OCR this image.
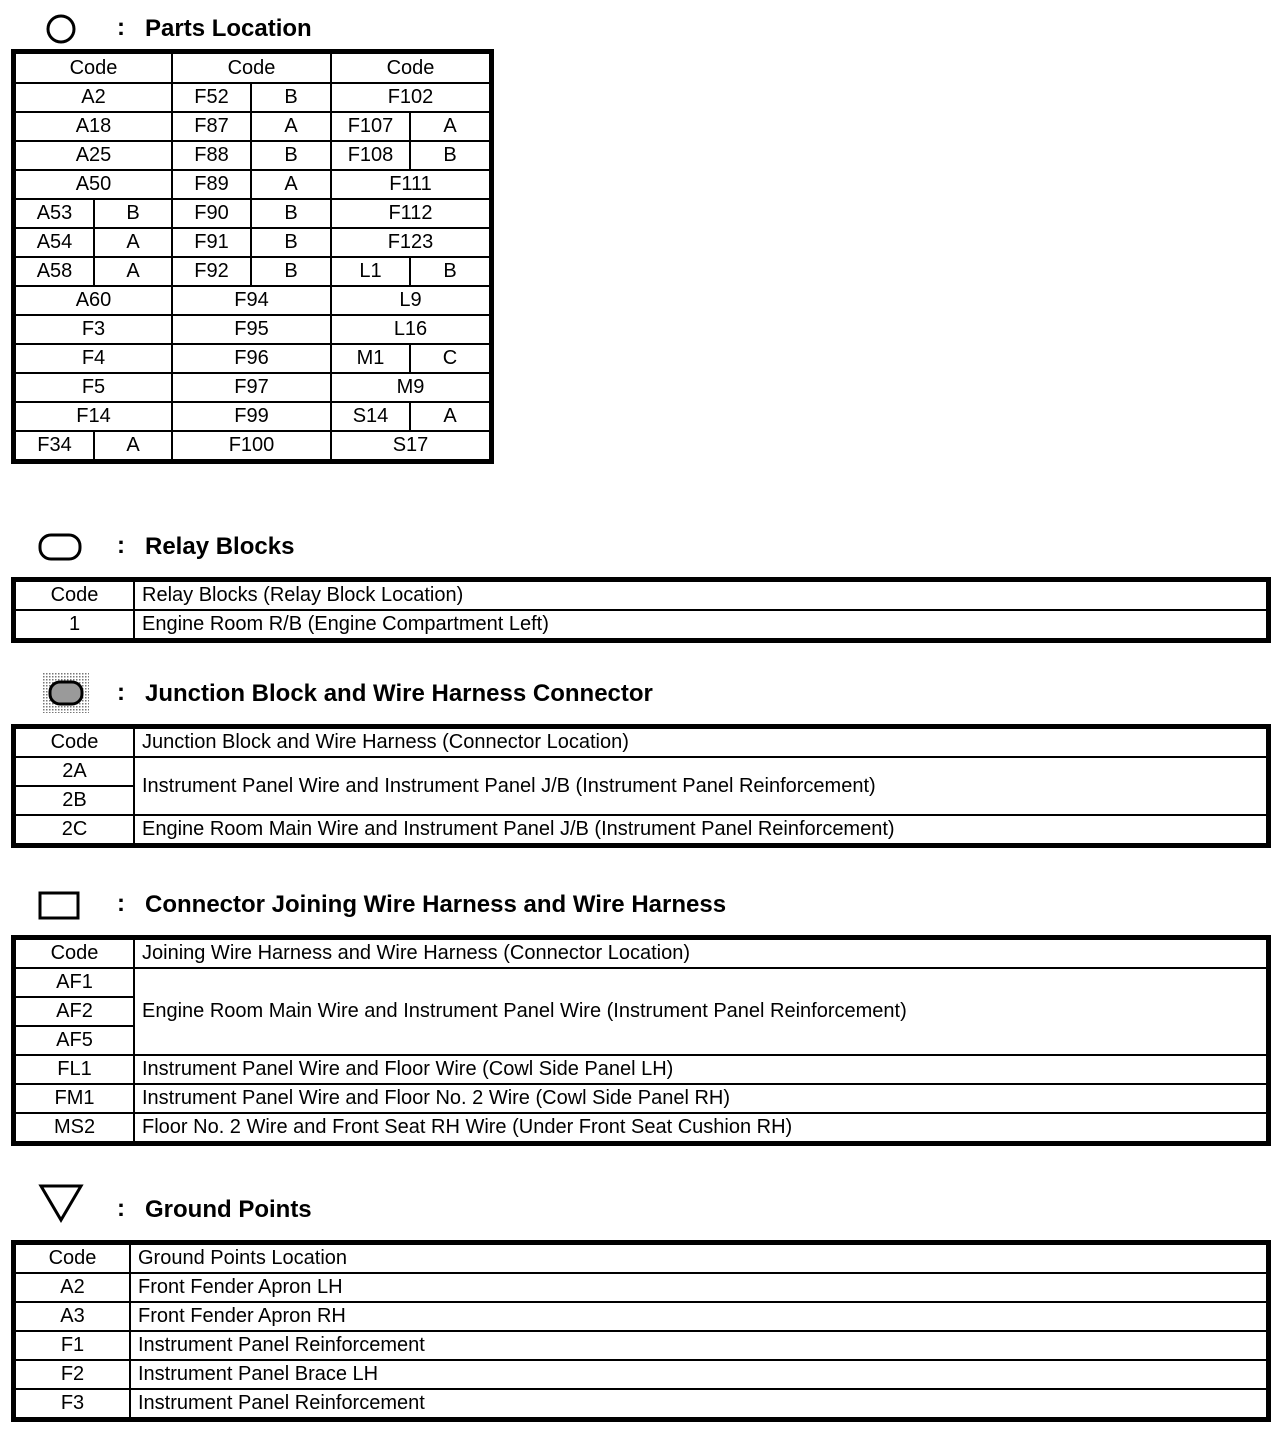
: Parts Location
Code		Code		Code	
A2		F52	B	F102	
A18		F87	A	F107	A
A25		F88	B	F108	B
A50		F89	A	F111	
A53	B	F90	B	F112	
A54	A	F91	B	F123	
A58	A	F92	B	L1	B
A60		F94		L9	
F3		F95		L16	
F4		F96		M1	C
F5		F97		M9	
F14		F99		S14	A
F34	A	F100		S17	
: Relay Blocks
Code	Relay Blocks (Relay Block Location)
1	Engine Room R/B (Engine Compartment Left)
: Junction Block and Wire Harness Connector
Code	Junction Block and Wire Harness (Connector Location)
2A	Instrument Panel Wire and Instrument Panel J/B (Instrument Panel Reinforcement)
2B	
2C	Engine Room Main Wire and Instrument Panel J/B (Instrument Panel Reinforcement)
: Connector Joining Wire Harness and Wire Harness
Code	Joining Wire Harness and Wire Harness (Connector Location)
AF1	Engine Room Main Wire and Instrument Panel Wire (Instrument Panel Reinforcement)
AF2	
AF5	
FL1	Instrument Panel Wire and Floor Wire (Cowl Side Panel LH)
FM1	Instrument Panel Wire and Floor No. 2 Wire (Cowl Side Panel RH)
MS2	Floor No. 2 Wire and Front Seat RH Wire (Under Front Seat Cushion RH)
: Ground Points
Code	Ground Points Location
A2	Front Fender Apron LH
A3	Front Fender Apron RH
F1	Instrument Panel Reinforcement
F2	Instrument Panel Brace LH
F3	Instrument Panel Reinforcement
